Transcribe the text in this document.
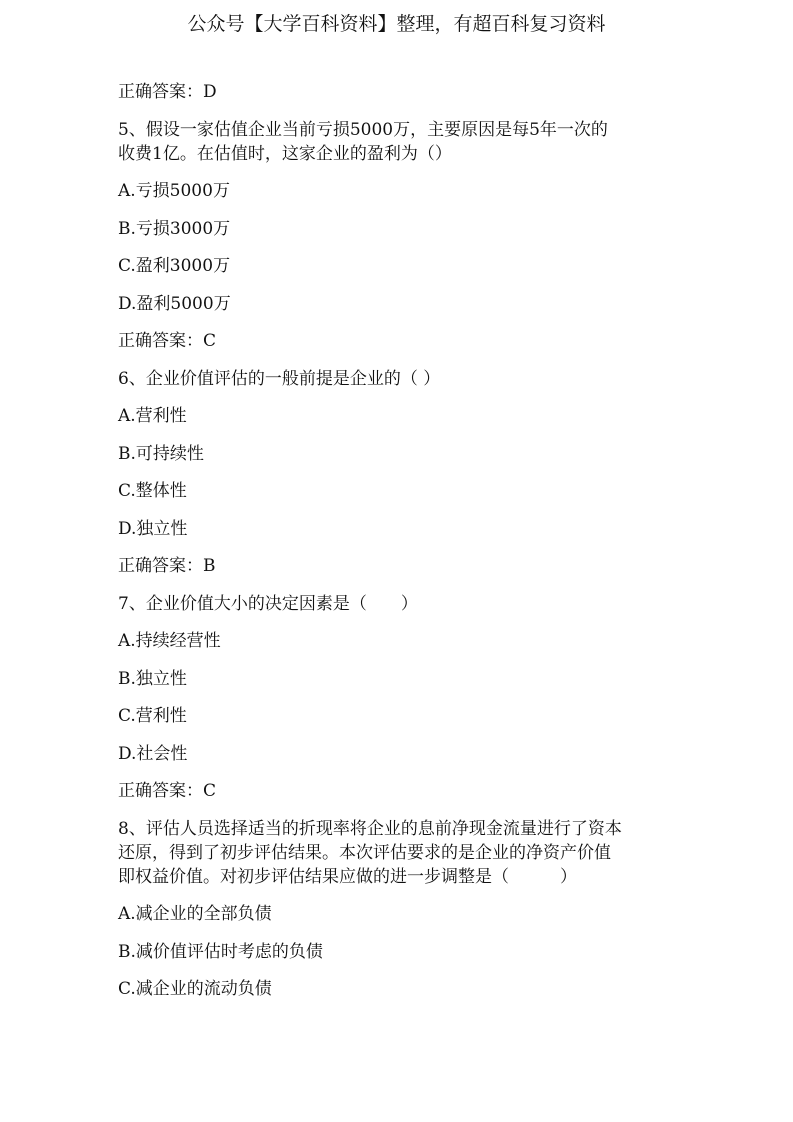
公众号【大学百科资料】整理，有超百科复习资料

正确答案：D

5、假设一家估值企业当前亏损5000万，主要原因是每5年一次的

收费1亿。在估值时，这家企业的盈利为（）

A.亏损5000万

B.亏损3000万

C.盈利3000万

D.盈利5000万

正确答案：C

6、企业价值评估的一般前提是企业的（ ）

A.营利性

B.可持续性

C.整体性

D.独立性

正确答案：B

7、企业价值大小的决定因素是（　　）

A.持续经营性

B.独立性

C.营利性

D.社会性

正确答案：C

8、评估人员选择适当的折现率将企业的息前净现金流量进行了资本

还原，得到了初步评估结果。本次评估要求的是企业的净资产价值

即权益价值。对初步评估结果应做的进一步调整是（　　　）

A.减企业的全部负债

B.减价值评估时考虑的负债

C.减企业的流动负债
